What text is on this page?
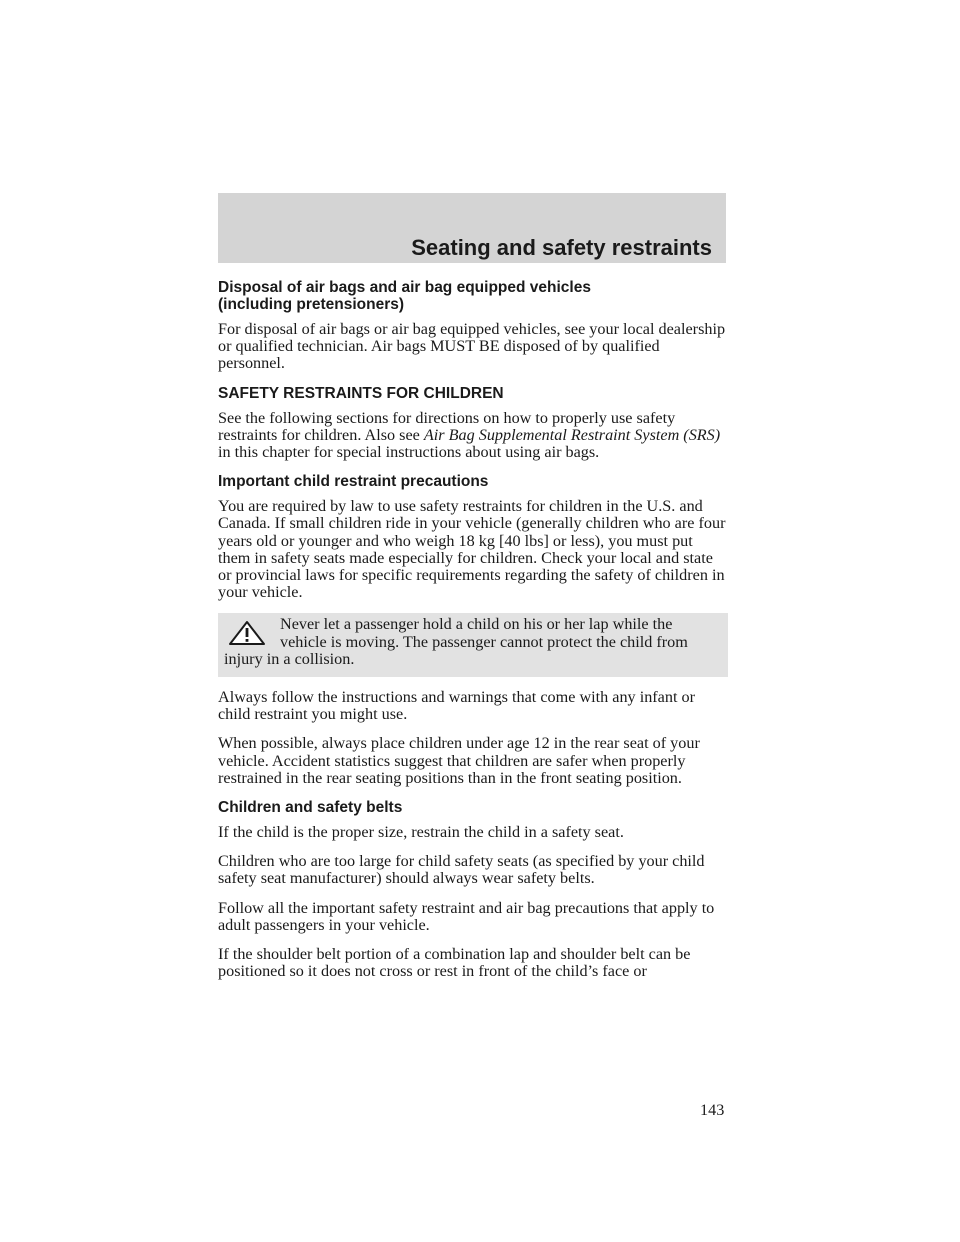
Seating and safety restraints
Disposal of air bags and air bag equipped vehicles (including pretensioners)

For disposal of air bags or air bag equipped vehicles, see your local dealership or qualified technician. Air bags MUST BE disposed of by qualified personnel.

SAFETY RESTRAINTS FOR CHILDREN

See the following sections for directions on how to properly use safety restraints for children. Also see Air Bag Supplemental Restraint System (SRS) in this chapter for special instructions about using air bags.

Important child restraint precautions

You are required by law to use safety restraints for children in the U.S. and Canada. If small children ride in your vehicle (generally children who are four years old or younger and who weigh 18 kg [40 lbs] or less), you must put them in safety seats made especially for children. Check your local and state or provincial laws for specific requirements regarding the safety of children in your vehicle.

Never let a passenger hold a child on his or her lap while the vehicle is moving. The passenger cannot protect the child from injury in a collision.

Always follow the instructions and warnings that come with any infant or child restraint you might use.

When possible, always place children under age 12 in the rear seat of your vehicle. Accident statistics suggest that children are safer when properly restrained in the rear seating positions than in the front seating position.

Children and safety belts

If the child is the proper size, restrain the child in a safety seat.

Children who are too large for child safety seats (as specified by your child safety seat manufacturer) should always wear safety belts.

Follow all the important safety restraint and air bag precautions that apply to adult passengers in your vehicle.

If the shoulder belt portion of a combination lap and shoulder belt can be positioned so it does not cross or rest in front of the child’s face or

143
